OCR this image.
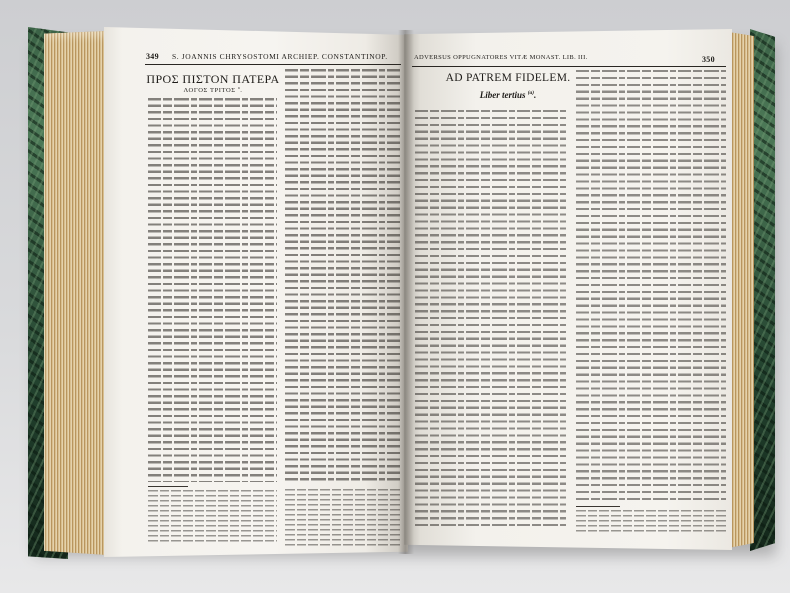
349 S. JOANNIS CHRYSOSTOMI ARCHIEP. CONSTANTINOP.
ΠΡΟΣ ΠΙΣΤΟΝ ΠΑΤΕΡΑ
ΛΟΓΟΣ ΤΡΙΤΟΣ $^a$.
ADVERSUS OPPUGNATORES VITÆ MONAST. LIB. III.	350
AD PATREM FIDELEM.
Liber tertius $^{(a)}$.
